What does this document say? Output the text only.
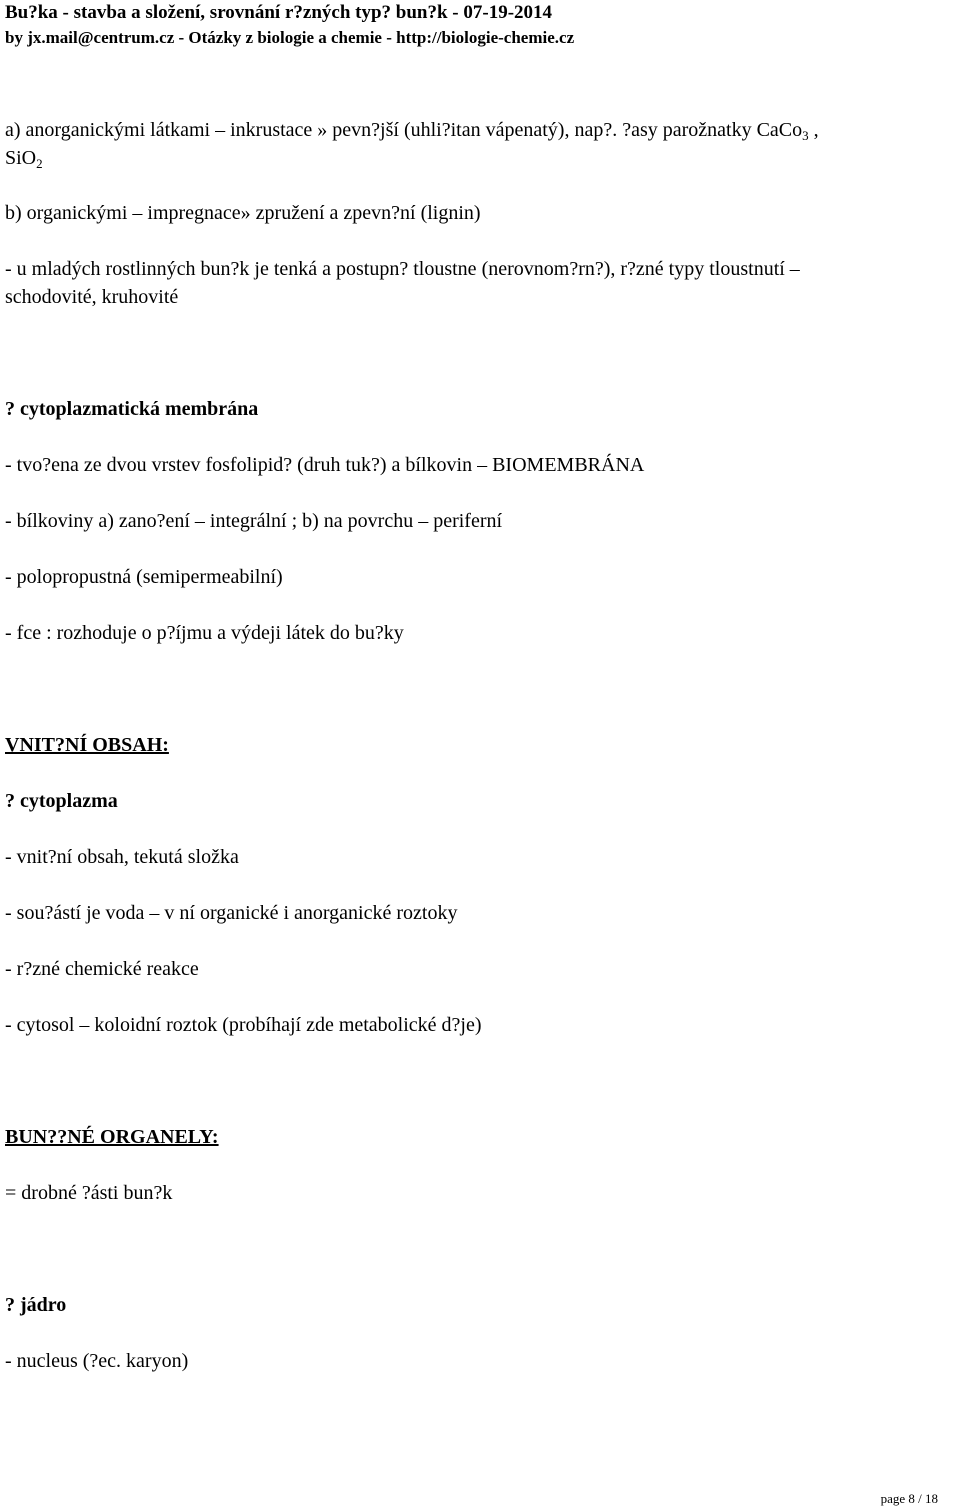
Bu?ka - stavba a složení, srovnání r?zných typ? bun?k - 07-19-2014
by jx.mail@centrum.cz - Otázky z biologie a chemie - http://biologie-chemie.cz
a) anorganickými látkami – inkrustace » pevn?jší (uhli?itan vápenatý), nap?. ?asy parožnatky CaCo$_3$ ,
SiO$_2$
b) organickými – impregnace» zpružení a zpevn?ní (lignin)
- u mladých rostlinných bun?k je tenká a postupn? tloustne (nerovnom?rn?), r?zné typy tloustnutí –
schodovité, kruhovité
? cytoplazmatická membrána
- tvo?ena ze dvou vrstev fosfolipid? (druh tuk?) a bílkovin – BIOMEMBRÁNA
- bílkoviny a) zano?ení – integrální ; b) na povrchu – periferní
- polopropustná (semipermeabilní)
- fce : rozhoduje o p?íjmu a výdeji látek do bu?ky
VNIT?NÍ OBSAH:
? cytoplazma
- vnit?ní obsah, tekutá složka
- sou?ástí je voda – v ní organické i anorganické roztoky
- r?zné chemické reakce
- cytosol – koloidní roztok (probíhají zde metabolické d?je)
BUN??NÉ ORGANELY:
= drobné ?ásti bun?k
? jádro
- nucleus (?ec. karyon)
page 8 / 18
